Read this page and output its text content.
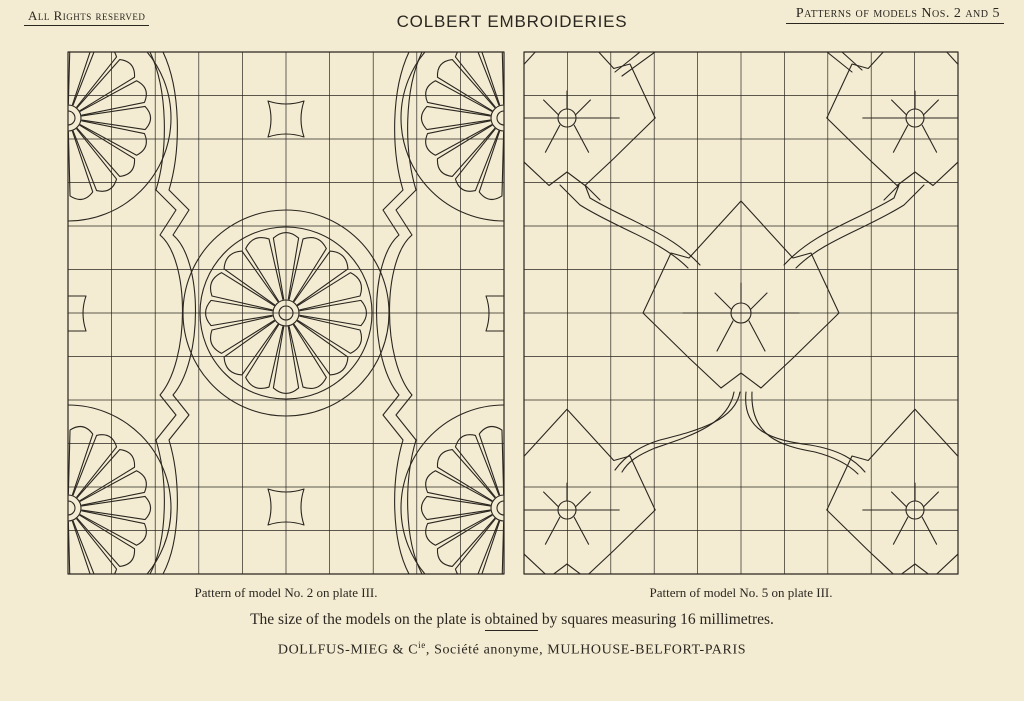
All Rights reserved	COLBERT EMBROIDERIES	Patterns of models Nos. 2 and 5
Pattern of model No. 2 on plate III.	Pattern of model No. 5 on plate III.
The size of the models on the plate is obtained by squares measuring 16 millimetres.
DOLLFUS-MIEG & $C^{ie}$, Société anonyme, MULHOUSE-BELFORT-PARIS
